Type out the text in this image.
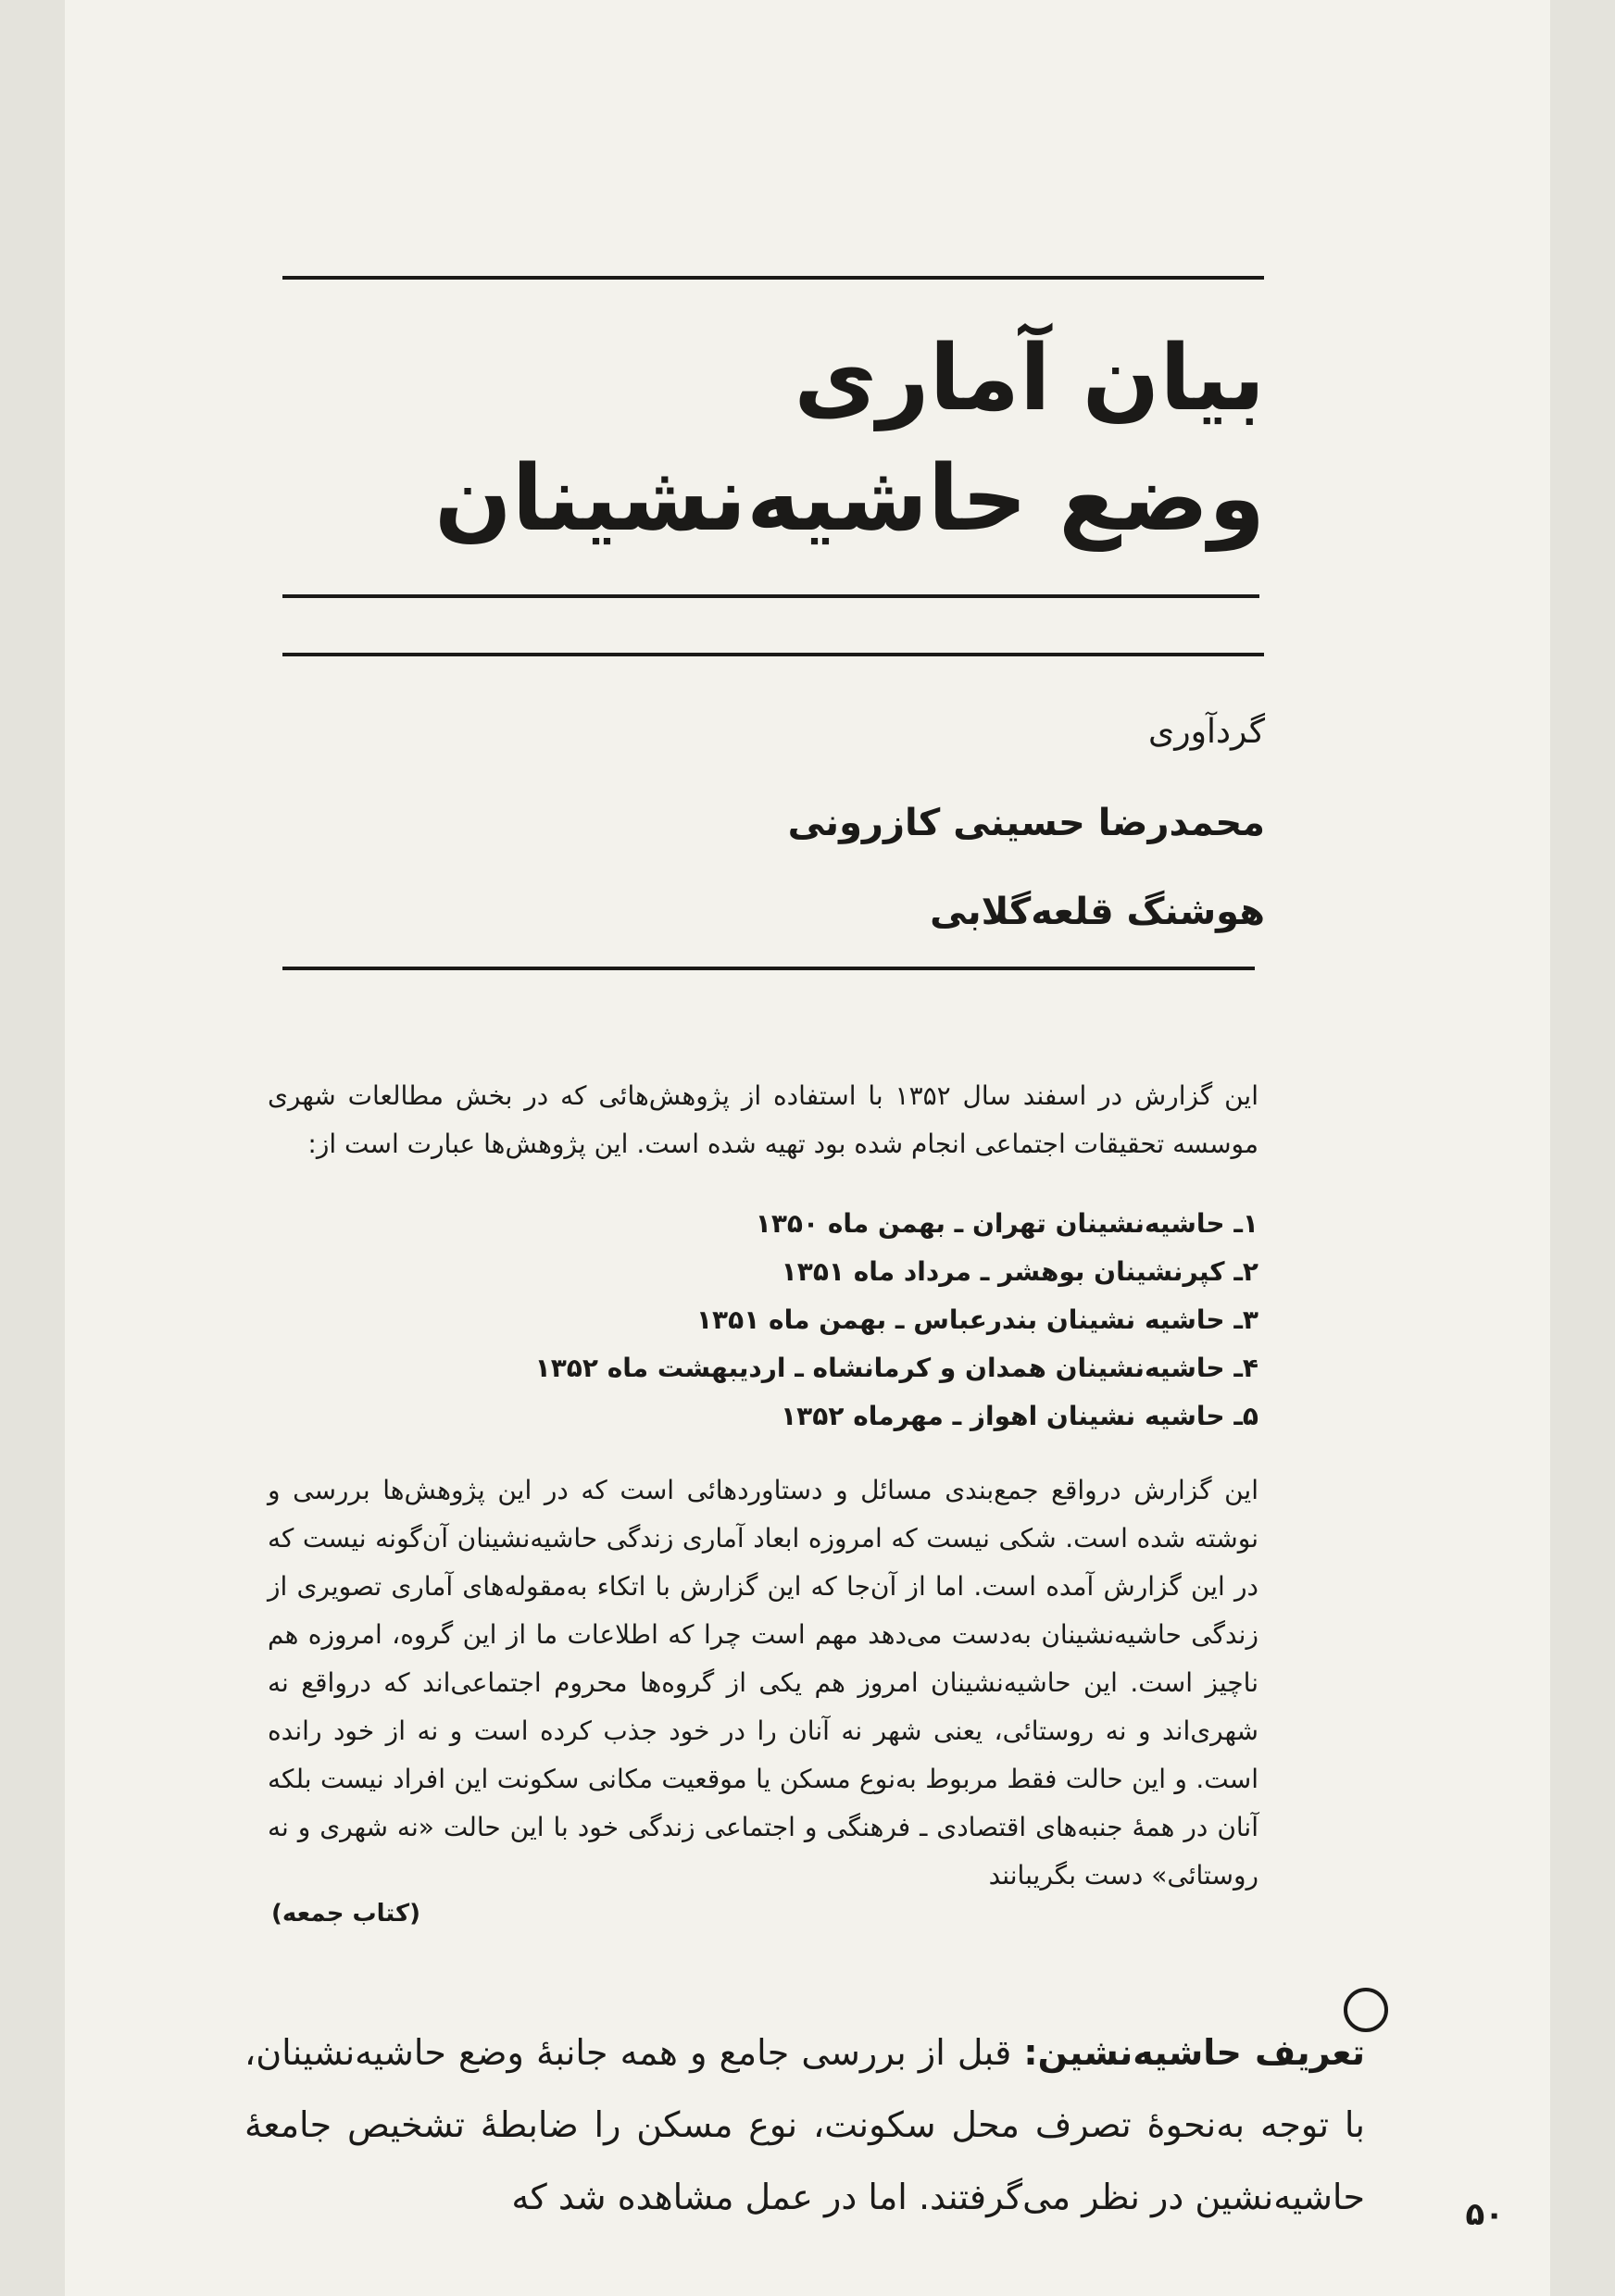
بیان آماری
وضع حاشیه‌نشینان
گردآوری
محمدرضا حسینی کازرونی
هوشنگ قلعه‌گلابی

این گزارش در اسفند سال ۱۳۵۲ با استفاده از پژوهش‌هائی که در بخش مطالعات شهری موسسه تحقیقات اجتماعی انجام شده بود تهیه شده است. این پژوهش‌ها عبارت است از:

۱ـ حاشیه‌نشینان تهران ـ بهمن ماه ۱۳۵۰
۲ـ کپرنشینان بوهشر ـ مرداد ماه ۱۳۵۱
۳ـ حاشیه نشینان بندرعباس ـ بهمن ماه ۱۳۵۱
۴ـ حاشیه‌نشینان همدان و کرمانشاه ـ اردیبهشت ماه ۱۳۵۲
۵ـ حاشیه نشینان اهواز ـ مهرماه ۱۳۵۲

این گزارش درواقع جمع‌بندی مسائل و دستاوردهائی است که در این پژوهش‌ها بررسی و نوشته شده است. شکی نیست که امروزه ابعاد آماری زندگی حاشیه‌نشینان آن‌گونه نیست که در این گزارش آمده است. اما از آن‌جا که این گزارش با اتکاء به‌مقوله‌های آماری تصویری از زندگی حاشیه‌نشینان به‌دست می‌دهد مهم است چرا که اطلاعات ما از این گروه، امروزه هم ناچیز است. این حاشیه‌نشینان امروز هم یکی از گروه‌ها محروم اجتماعی‌اند که درواقع نه شهری‌اند و نه روستائی، یعنی شهر نه آنان را در خود جذب کرده است و نه از خود رانده است. و این حالت فقط مربوط به‌نوع مسکن یا موقعیت مکانی سکونت این افراد نیست بلکه آنان در همهٔ جنبه‌های اقتصادی ـ فرهنگی و اجتماعی زندگی خود با این حالت «نه شهری و نه روستائی» دست بگریبانند

(کتاب جمعه)

تعریف حاشیه‌نشین: قبل از بررسی جامع و همه جانبهٔ وضع حاشیه‌نشینان، با توجه به‌نحوهٔ تصرف محل سکونت، نوع مسکن را ضابطهٔ تشخیص جامعهٔ حاشیه‌نشین در نظر می‌گرفتند. اما در عمل مشاهده شد که	۵۰
